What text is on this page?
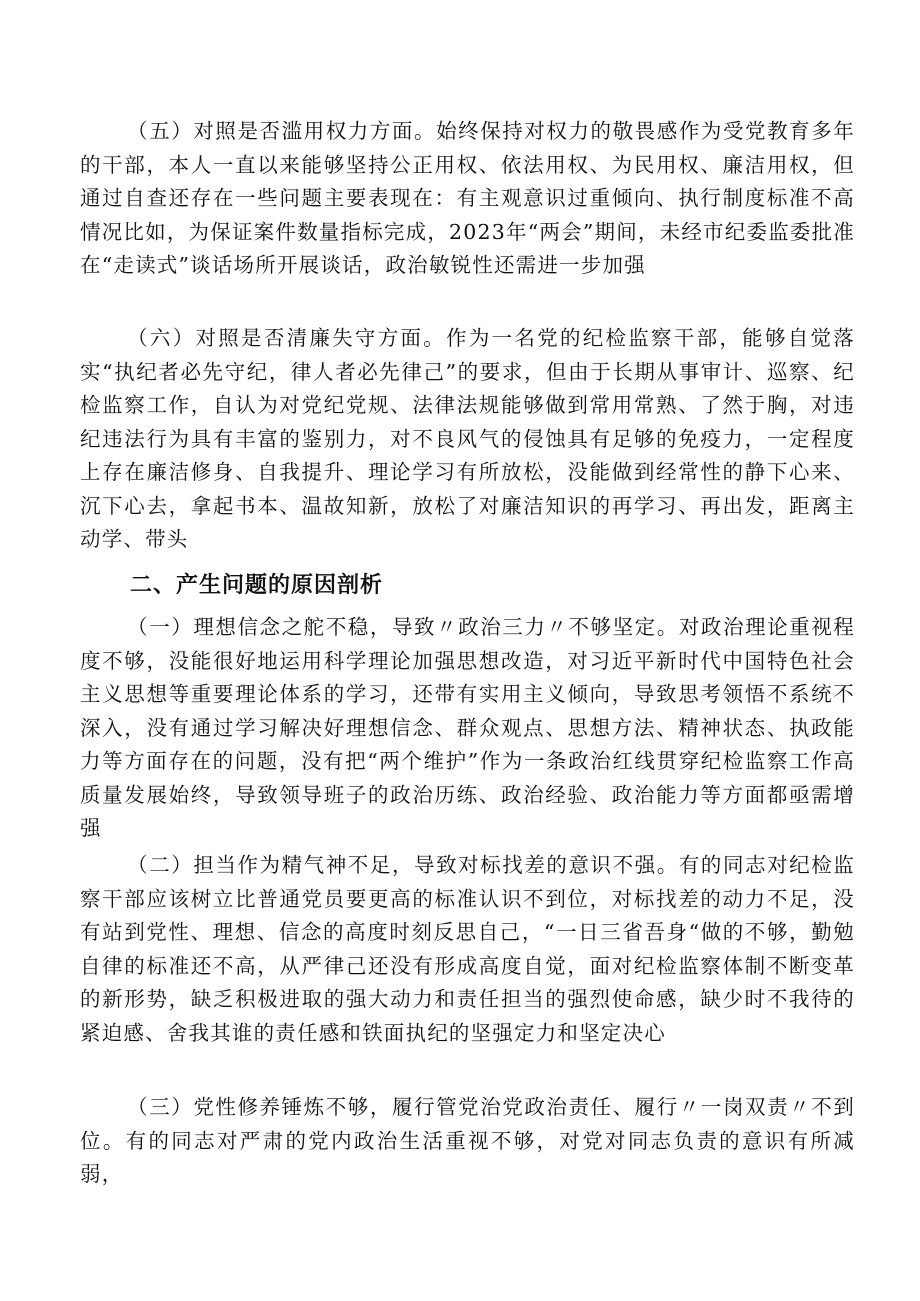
（五）对照是否滥用权力方面。始终保持对权力的敬畏感作为受党教育多年的干部，本人一直以来能够坚持公正用权、依法用权、为民用权、廉洁用权，但通过自查还存在一些问题主要表现在：有主观意识过重倾向、执行制度标准不高情况比如，为保证案件数量指标完成，2023年“两会”期间，未经市纪委监委批准在“走读式”谈话场所开展谈话，政治敏锐性还需进一步加强

（六）对照是否清廉失守方面。作为一名党的纪检监察干部，能够自觉落实“执纪者必先守纪，律人者必先律己”的要求，但由于长期从事审计、巡察、纪检监察工作，自认为对党纪党规、法律法规能够做到常用常熟、了然于胸，对违纪违法行为具有丰富的鉴别力，对不良风气的侵蚀具有足够的免疫力，一定程度上存在廉洁修身、自我提升、理论学习有所放松，没能做到经常性的静下心来、沉下心去，拿起书本、温故知新，放松了对廉洁知识的再学习、再出发，距离主动学、带头

二、产生问题的原因剖析

（一）理想信念之舵不稳，导致〃政治三力〃不够坚定。对政治理论重视程度不够，没能很好地运用科学理论加强思想改造，对习近平新时代中国特色社会主义思想等重要理论体系的学习，还带有实用主义倾向，导致思考领悟不系统不深入，没有通过学习解决好理想信念、群众观点、思想方法、精神状态、执政能力等方面存在的问题，没有把“两个维护”作为一条政治红线贯穿纪检监察工作高质量发展始终，导致领导班子的政治历练、政治经验、政治能力等方面都亟需增强

（二）担当作为精气神不足，导致对标找差的意识不强。有的同志对纪检监察干部应该树立比普通党员要更高的标准认识不到位，对标找差的动力不足，没有站到党性、理想、信念的高度时刻反思自己，“一日三省吾身“做的不够，勤勉自律的标准还不高，从严律己还没有形成高度自觉，面对纪检监察体制不断变革的新形势，缺乏积极进取的强大动力和责任担当的强烈使命感，缺少时不我待的紧迫感、舍我其谁的责任感和铁面执纪的坚强定力和坚定决心

（三）党性修养锤炼不够，履行管党治党政治责任、履行〃一岗双责〃不到位。有的同志对严肃的党内政治生活重视不够，对党对同志负责的意识有所减弱，
